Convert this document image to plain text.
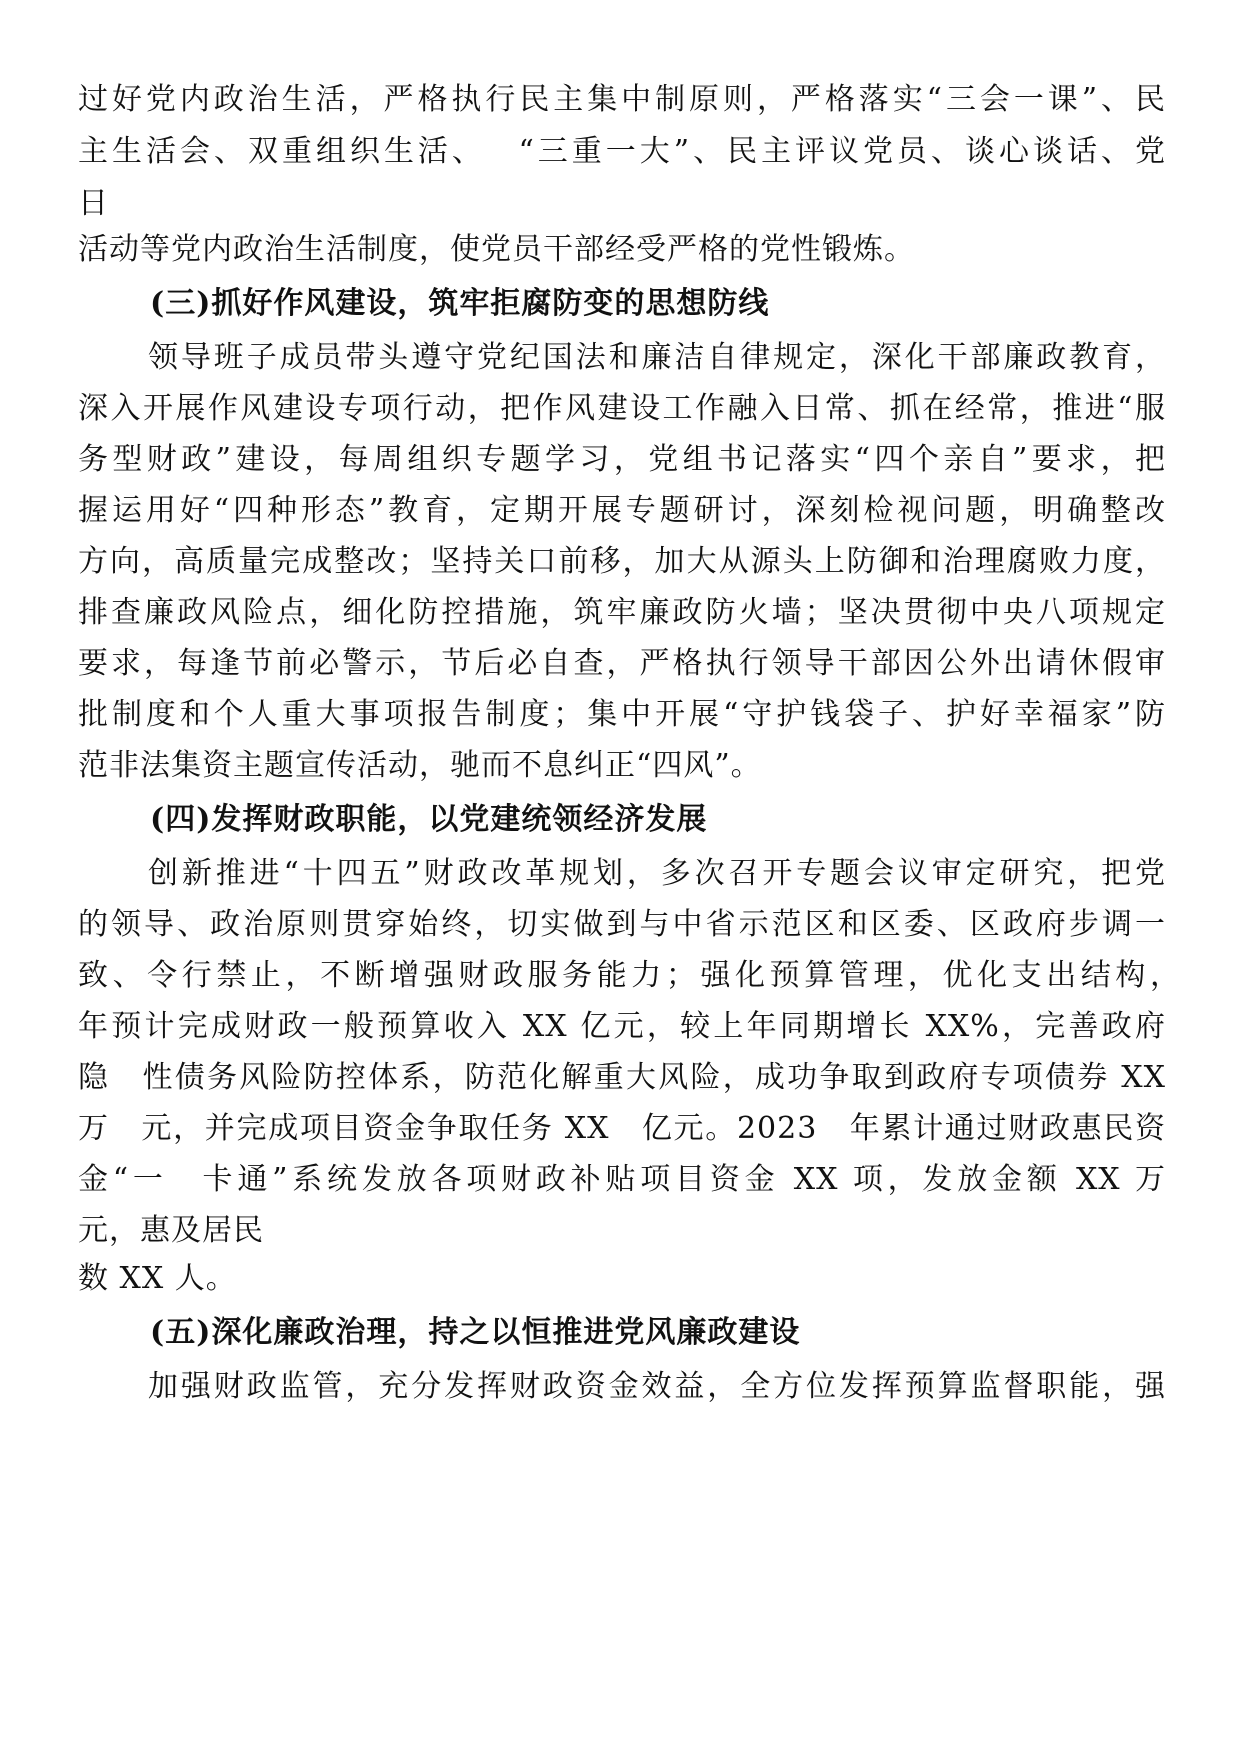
过好党内政治生活，严格执行民主集中制原则，严格落实“三会一课”、民
主生活会、双重组织生活、　 “三重一大”、民主评议党员、谈心谈话、党
日
活动等党内政治生活制度，使党员干部经受严格的党性锻炼。
(三)抓好作风建设，筑牢拒腐防变的思想防线
领导班子成员带头遵守党纪国法和廉洁自律规定，深化干部廉政教育，
深入开展作风建设专项行动，把作风建设工作融入日常、抓在经常，推进“服
务型财政”建设，每周组织专题学习，党组书记落实“四个亲自”要求，把
握运用好“四种形态”教育，定期开展专题研讨，深刻检视问题，明确整改
方向，高质量完成整改；坚持关口前移，加大从源头上防御和治理腐败力度，
排查廉政风险点，细化防控措施，筑牢廉政防火墙；坚决贯彻中央八项规定
要求，每逢节前必警示，节后必自查，严格执行领导干部因公外出请休假审
批制度和个人重大事项报告制度；集中开展“守护钱袋子、护好幸福家”防
范非法集资主题宣传活动，驰而不息纠正“四风”。
(四)发挥财政职能，以党建统领经济发展
创新推进“十四五”财政改革规划，多次召开专题会议审定研究，把党
的领导、政治原则贯穿始终，切实做到与中省示范区和区委、区政府步调一
致、令行禁止，不断增强财政服务能力；强化预算管理，优化支出结构，　
年预计完成财政一般预算收入 XX 亿元，较上年同期增长 XX%，完善政府
隐　性债务风险防控体系，防范化解重大风险，成功争取到政府专项债券 XX
万　元，并完成项目资金争取任务 XX　亿元。2023　年累计通过财政惠民资
金“一　卡通”系统发放各项财政补贴项目资金 XX 项，发放金额 XX 万
元，惠及居民
数 XX 人。
(五)深化廉政治理，持之以恒推进党风廉政建设
加强财政监管，充分发挥财政资金效益，全方位发挥预算监督职能，强
